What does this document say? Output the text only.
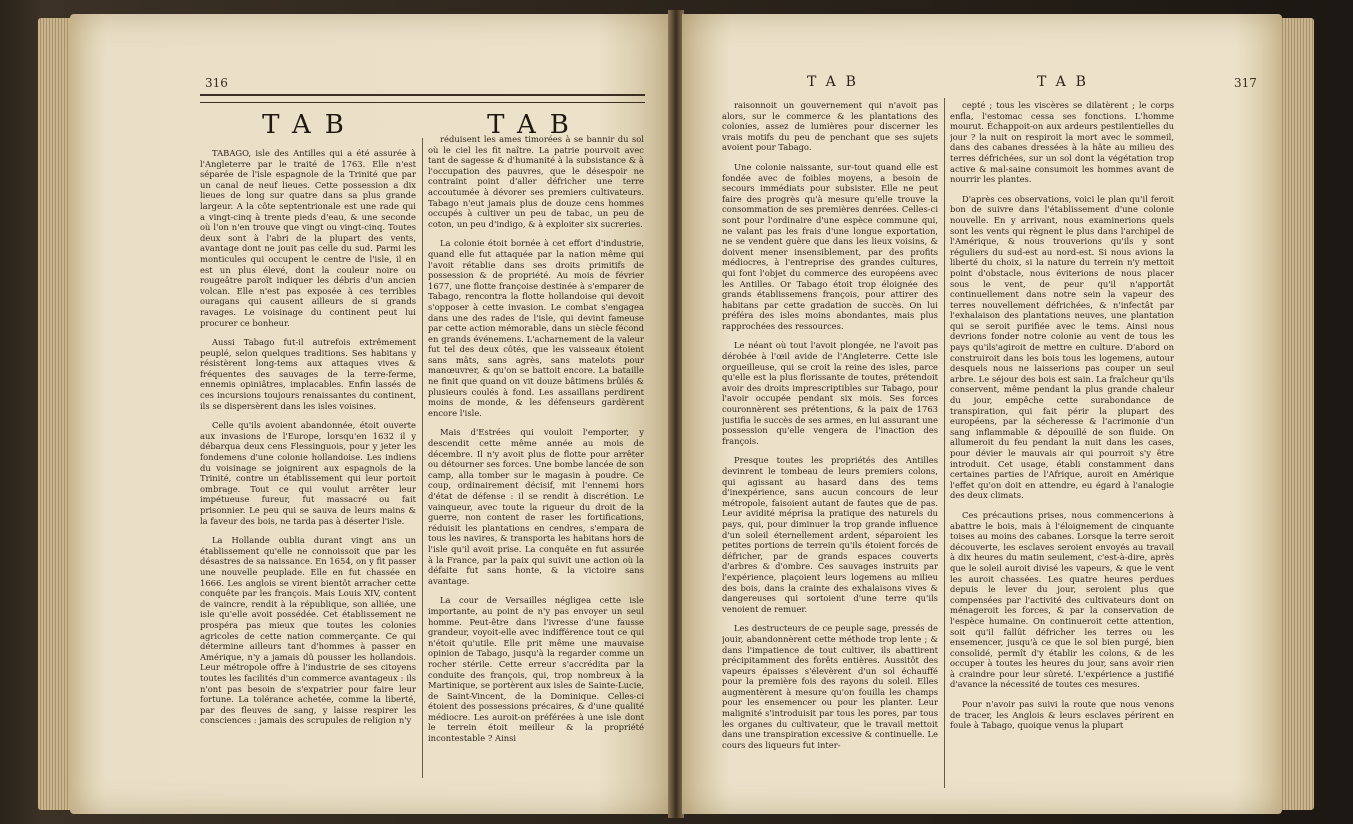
316
TAB	TAB

TABAGO, isle des Antilles qui a été assurée à l'Angleterre par le traité de 1763. Elle n'est séparée de l'isle espagnole de la Trinité que par un canal de neuf lieues. Cette possession a dix lieues de long sur quatre dans sa plus grande largeur. A la côte septentrionale est une rade qui a vingt-cinq à trente pieds d'eau, & une seconde où l'on n'en trouve que vingt ou vingt-cinq. Toutes deux sont à l'abri de la plupart des vents, avantage dont ne jouit pas celle du sud. Parmi les monticules qui occupent le centre de l'isle, il en est un plus élevé, dont la couleur noire ou rougeâtre paroît indiquer les débris d'un ancien volcan. Elle n'est pas exposée à ces terribles ouragans qui causent ailleurs de si grands ravages. Le voisinage du continent peut lui procurer ce bonheur.

Aussi Tabago fut-il autrefois extrêmement peuplé, selon quelques traditions. Ses habitans y résistèrent long-tems aux attaques vives & fréquentes des sauvages de la terre-ferme, ennemis opiniâtres, implacables. Enfin lassés de ces incursions toujours renaissantes du continent, ils se dispersèrent dans les isles voisines.

Celle qu'ils avoient abandonnée, étoit ouverte aux invasions de l'Europe, lorsqu'en 1632 il y débarqua deux cens Flessinguois, pour y jeter les fondemens d'une colonie hollandoise. Les indiens du voisinage se joignirent aux espagnols de la Trinité, contre un établissement qui leur portoit ombrage. Tout ce qui voulut arrêter leur impétueuse fureur, fut massacré ou fait prisonnier. Le peu qui se sauva de leurs mains & la faveur des bois, ne tarda pas à déserter l'isle.

La Hollande oublia durant vingt ans un établissement qu'elle ne connoissoit que par les désastres de sa naissance. En 1654, on y fit passer une nouvelle peuplade. Elle en fut chassée en 1666. Les anglois se virent bientôt arracher cette conquête par les françois. Mais Louis XIV, content de vaincre, rendit à la république, son alliée, une isle qu'elle avoit possédée. Cet établissement ne prospéra pas mieux que toutes les colonies agricoles de cette nation commerçante. Ce qui détermine ailleurs tant d'hommes à passer en Amérique, n'y a jamais dû pousser les hollandois. Leur métropole offre à l'industrie de ses citoyens toutes les facilités d'un commerce avantageux : ils n'ont pas besoin de s'expatrier pour faire leur fortune. La tolérance achetée, comme la liberté, par des fleuves de sang, y laisse respirer les consciences : jamais des scrupules de religion n'y

réduisent les ames timorées à se bannir du sol où le ciel les fit naître. La patrie pourvoit avec tant de sagesse & d'humanité à la subsistance & à l'occupation des pauvres, que le désespoir ne contraint point d'aller défricher une terre accoutumée à dévorer ses premiers cultivateurs. Tabago n'eut jamais plus de douze cens hommes occupés à cultiver un peu de tabac, un peu de coton, un peu d'indigo, & à exploiter six sucreries.

La colonie étoit bornée à cet effort d'industrie, quand elle fut attaquée par la nation même qui l'avoit rétablie dans ses droits primitifs de possession & de propriété. Au mois de février 1677, une flotte françoise destinée à s'emparer de Tabago, rencontra la flotte hollandoise qui devoit s'opposer à cette invasion. Le combat s'engagea dans une des rades de l'isle, qui devint fameuse par cette action mémorable, dans un siècle fécond en grands événemens. L'acharnement de la valeur fut tel des deux côtés, que les vaisseaux étoient sans mâts, sans agrès, sans matelots pour manœuvrer, & qu'on se battoit encore. La bataille ne finit que quand on vit douze bâtimens brûlés & plusieurs coulés à fond. Les assaillans perdirent moins de monde, & les défenseurs gardèrent encore l'isle.

Mais d'Estrées qui vouloit l'emporter, y descendit cette même année au mois de décembre. Il n'y avoit plus de flotte pour arrêter ou détourner ses forces. Une bombe lancée de son camp, alla tomber sur le magasin à poudre. Ce coup, ordinairement décisif, mit l'ennemi hors d'état de défense : il se rendit à discrétion. Le vainqueur, avec toute la rigueur du droit de la guerre, non content de raser les fortifications, réduisit les plantations en cendres, s'empara de tous les navires, & transporta les habitans hors de l'isle qu'il avoit prise. La conquête en fut assurée à la France, par la paix qui suivit une action où la défaite fut sans honte, & la victoire sans avantage.

La cour de Versailles négligea cette isle importante, au point de n'y pas envoyer un seul homme. Peut-être dans l'ivresse d'une fausse grandeur, voyoit-elle avec indifférence tout ce qui n'étoit qu'utile. Elle prit même une mauvaise opinion de Tabago, jusqu'à la regarder comme un rocher stérile. Cette erreur s'accrédita par la conduite des françois, qui, trop nombreux à la Martinique, se portèrent aux isles de Sainte-Lucie, de Saint-Vincent, de la Dominique. Celles-ci étoient des possessions précaires, & d'une qualité médiocre. Les auroit-on préférées à une isle dont le terrein étoit meilleur & la propriété incontestable ? Ainsi

TAB	TAB	317

raisonnoit un gouvernement qui n'avoit pas alors, sur le commerce & les plantations des colonies, assez de lumières pour discerner les vrais motifs du peu de penchant que ses sujets avoient pour Tabago.

Une colonie naissante, sur-tout quand elle est fondée avec de foibles moyens, a besoin de secours immédiats pour subsister. Elle ne peut faire des progrès qu'à mesure qu'elle trouve la consommation de ses premières denrées. Celles-ci sont pour l'ordinaire d'une espèce commune qui, ne valant pas les frais d'une longue exportation, ne se vendent guère que dans les lieux voisins, & doivent mener insensiblement, par des profits médiocres, à l'entreprise des grandes cultures, qui font l'objet du commerce des européens avec les Antilles. Or Tabago étoit trop éloignée des grands établissemens françois, pour attirer des habitans par cette gradation de succès. On lui préféra des isles moins abondantes, mais plus rapprochées des ressources.

Le néant où tout l'avoit plongée, ne l'avoit pas dérobée à l'œil avide de l'Angleterre. Cette isle orgueilleuse, qui se croit la reine des isles, parce qu'elle est la plus florissante de toutes, prétendoit avoir des droits imprescriptibles sur Tabago, pour l'avoir occupée pendant six mois. Ses forces couronnèrent ses prétentions, & la paix de 1763 justifia le succès de ses armes, en lui assurant une possession qu'elle vengera de l'inaction des françois.

Presque toutes les propriétés des Antilles devinrent le tombeau de leurs premiers colons, qui agissant au hasard dans des tems d'inexpérience, sans aucun concours de leur métropole, faisoient autant de fautes que de pas. Leur avidité méprisa la pratique des naturels du pays, qui, pour diminuer la trop grande influence d'un soleil éternellement ardent, séparoient les petites portions de terrein qu'ils étoient forcés de défricher, par de grands espaces couverts d'arbres & d'ombre. Ces sauvages instruits par l'expérience, plaçoient leurs logemens au milieu des bois, dans la crainte des exhalaisons vives & dangereuses qui sortoient d'une terre qu'ils venoient de remuer.

Les destructeurs de ce peuple sage, pressés de jouir, abandonnèrent cette méthode trop lente ; & dans l'impatience de tout cultiver, ils abattirent précipitamment des forêts entières. Aussitôt des vapeurs épaisses s'élevèrent d'un sol échauffé pour la première fois des rayons du soleil. Elles augmentèrent à mesure qu'on fouilla les champs pour les ensemencer ou pour les planter. Leur malignité s'introduisit par tous les pores, par tous les organes du cultivateur, que le travail mettoit dans une transpiration excessive & continuelle. Le cours des liqueurs fut inter-

cepté ; tous les viscères se dilatèrent ; le corps enfla, l'estomac cessa ses fonctions. L'homme mourut. Échappoit-on aux ardeurs pestilentielles du jour ? la nuit on respiroit la mort avec le sommeil, dans des cabanes dressées à la hâte au milieu des terres défrichées, sur un sol dont la végétation trop active & mal-saine consumoit les hommes avant de nourrir les plantes.

D'après ces observations, voici le plan qu'il feroit bon de suivre dans l'établissement d'une colonie nouvelle. En y arrivant, nous examinerions quels sont les vents qui règnent le plus dans l'archipel de l'Amérique, & nous trouverions qu'ils y sont réguliers du sud-est au nord-est. Si nous avions la liberté du choix, si la nature du terrein n'y mettoit point d'obstacle, nous éviterions de nous placer sous le vent, de peur qu'il n'apportât continuellement dans notre sein la vapeur des terres nouvellement défrichées, & n'infectât par l'exhalaison des plantations neuves, une plantation qui se seroit purifiée avec le tems. Ainsi nous devrions fonder notre colonie au vent de tous les pays qu'ils'agiroit de mettre en culture. D'abord on construiroit dans les bois tous les logemens, autour desquels nous ne laisserions pas couper un seul arbre. Le séjour des bois est sain. La fraîcheur qu'ils conservent, même pendant la plus grande chaleur du jour, empêche cette surabondance de transpiration, qui fait périr la plupart des européens, par la sécheresse & l'acrimonie d'un sang inflammable & dépouillé de son fluide. On allumeroit du feu pendant la nuit dans les cases, pour dévier le mauvais air qui pourroit s'y être introduit. Cet usage, établi constamment dans certaines parties de l'Afrique, auroit en Amérique l'effet qu'on doit en attendre, eu égard à l'analogie des deux climats.

Ces précautions prises, nous commencerions à abattre le bois, mais à l'éloignement de cinquante toises au moins des cabanes. Lorsque la terre seroit découverte, les esclaves seroient envoyés au travail à dix heures du matin seulement, c'est-à-dire, après que le soleil auroit divisé les vapeurs, & que le vent les auroit chassées. Les quatre heures perdues depuis le lever du jour, seroient plus que compensées par l'activité des cultivateurs dont on ménageroit les forces, & par la conservation de l'espèce humaine. On continueroit cette attention, soit qu'il fallût défricher les terres ou les ensemencer, jusqu'à ce que le sol bien purgé, bien consolidé, permît d'y établir les colons, & de les occuper à toutes les heures du jour, sans avoir rien à craindre pour leur sûreté. L'expérience a justifié d'avance la nécessité de toutes ces mesures.

Pour n'avoir pas suivi la route que nous venons de tracer, les Anglois & leurs esclaves périrent en foule à Tabago, quoique venus la plupart
